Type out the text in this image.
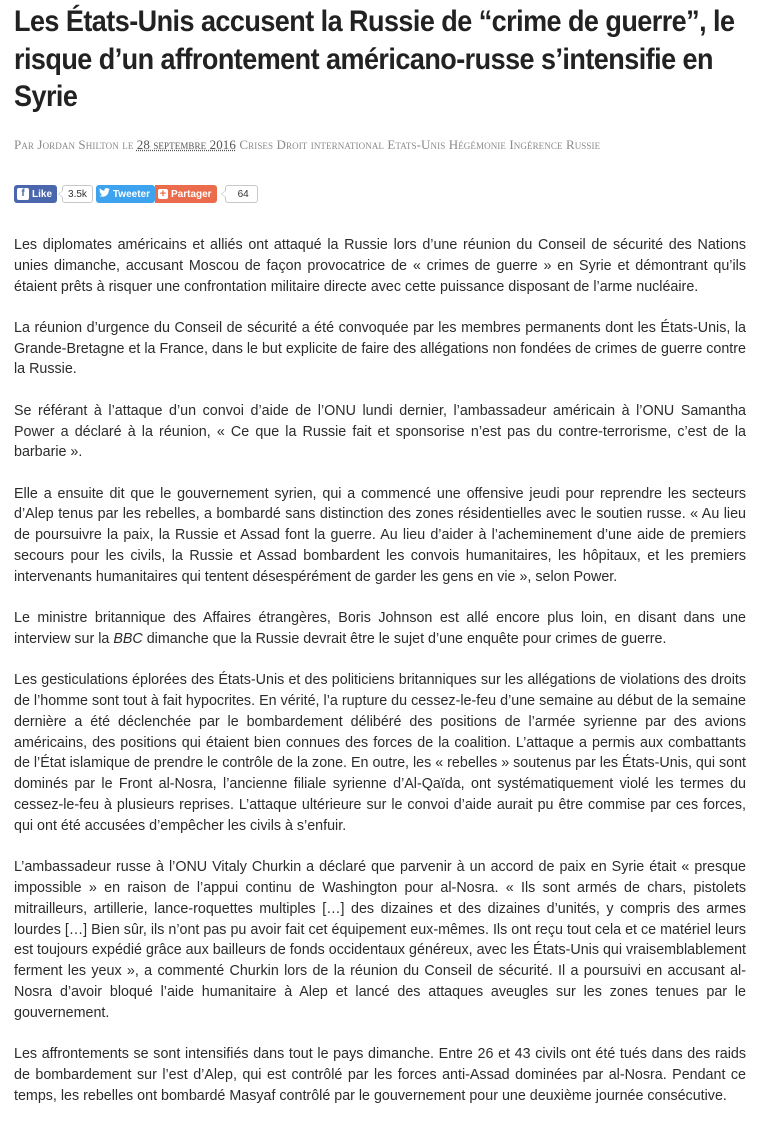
Les États-Unis accusent la Russie de “crime de guerre”, le risque d’un affrontement américano-russe s’intensifie en Syrie
Par Jordan Shilton le 28 septembre 2016 Crises Droit international Etats-Unis Hégémonie Ingérence Russie
f Like	3.5k	Tweeter + Partager	64

Les diplomates américains et alliés ont attaqué la Russie lors d’une réunion du Conseil de sécurité des Nations unies dimanche, accusant Moscou de façon provocatrice de « crimes de guerre » en Syrie et démontrant qu’ils étaient prêts à risquer une confrontation militaire directe avec cette puissance disposant de l’arme nucléaire.

La réunion d’urgence du Conseil de sécurité a été convoquée par les membres permanents dont les États-Unis, la Grande-Bretagne et la France, dans le but explicite de faire des allégations non fondées de crimes de guerre contre la Russie.

Se référant à l’attaque d’un convoi d’aide de l’ONU lundi dernier, l’ambassadeur américain à l’ONU Samantha Power a déclaré à la réunion, « Ce que la Russie fait et sponsorise n’est pas du contre-terrorisme, c’est de la barbarie ».

Elle a ensuite dit que le gouvernement syrien, qui a commencé une offensive jeudi pour reprendre les secteurs d’Alep tenus par les rebelles, a bombardé sans distinction des zones résidentielles avec le soutien russe. « Au lieu de poursuivre la paix, la Russie et Assad font la guerre. Au lieu d’aider à l’acheminement d’une aide de premiers secours pour les civils, la Russie et Assad bombardent les convois humanitaires, les hôpitaux, et les premiers intervenants humanitaires qui tentent désespérément de garder les gens en vie », selon Power.

Le ministre britannique des Affaires étrangères, Boris Johnson est allé encore plus loin, en disant dans une interview sur la BBC dimanche que la Russie devrait être le sujet d’une enquête pour crimes de guerre.

Les gesticulations éplorées des États-Unis et des politiciens britanniques sur les allégations de violations des droits de l’homme sont tout à fait hypocrites. En vérité, l’a rupture du cessez-le-feu d’une semaine au début de la semaine dernière a été déclenchée par le bombardement délibéré des positions de l’armée syrienne par des avions américains, des positions qui étaient bien connues des forces de la coalition. L’attaque a permis aux combattants de l’État islamique de prendre le contrôle de la zone. En outre, les « rebelles » soutenus par les États-Unis, qui sont dominés par le Front al-Nosra, l’ancienne filiale syrienne d’Al-Qaïda, ont systématiquement violé les termes du cessez-le-feu à plusieurs reprises. L’attaque ultérieure sur le convoi d’aide aurait pu être commise par ces forces, qui ont été accusées d’empêcher les civils à s’enfuir.

L’ambassadeur russe à l’ONU Vitaly Churkin a déclaré que parvenir à un accord de paix en Syrie était « presque impossible » en raison de l’appui continu de Washington pour al-Nosra. « Ils sont armés de chars, pistolets mitrailleurs, artillerie, lance-roquettes multiples […] des dizaines et des dizaines d’unités, y compris des armes lourdes […] Bien sûr, ils n’ont pas pu avoir fait cet équipement eux-mêmes. Ils ont reçu tout cela et ce matériel leurs est toujours expédié grâce aux bailleurs de fonds occidentaux généreux, avec les États-Unis qui vraisemblablement ferment les yeux », a commenté Churkin lors de la réunion du Conseil de sécurité. Il a poursuivi en accusant al-Nosra d’avoir bloqué l’aide humanitaire à Alep et lancé des attaques aveugles sur les zones tenues par le gouvernement.

Les affrontements se sont intensifiés dans tout le pays dimanche. Entre 26 et 43 civils ont été tués dans des raids de bombardement sur l’est d’Alep, qui est contrôlé par les forces anti-Assad dominées par al-Nosra. Pendant ce temps, les rebelles ont bombardé Masyaf contrôlé par le gouvernement pour une deuxième journée consécutive.
